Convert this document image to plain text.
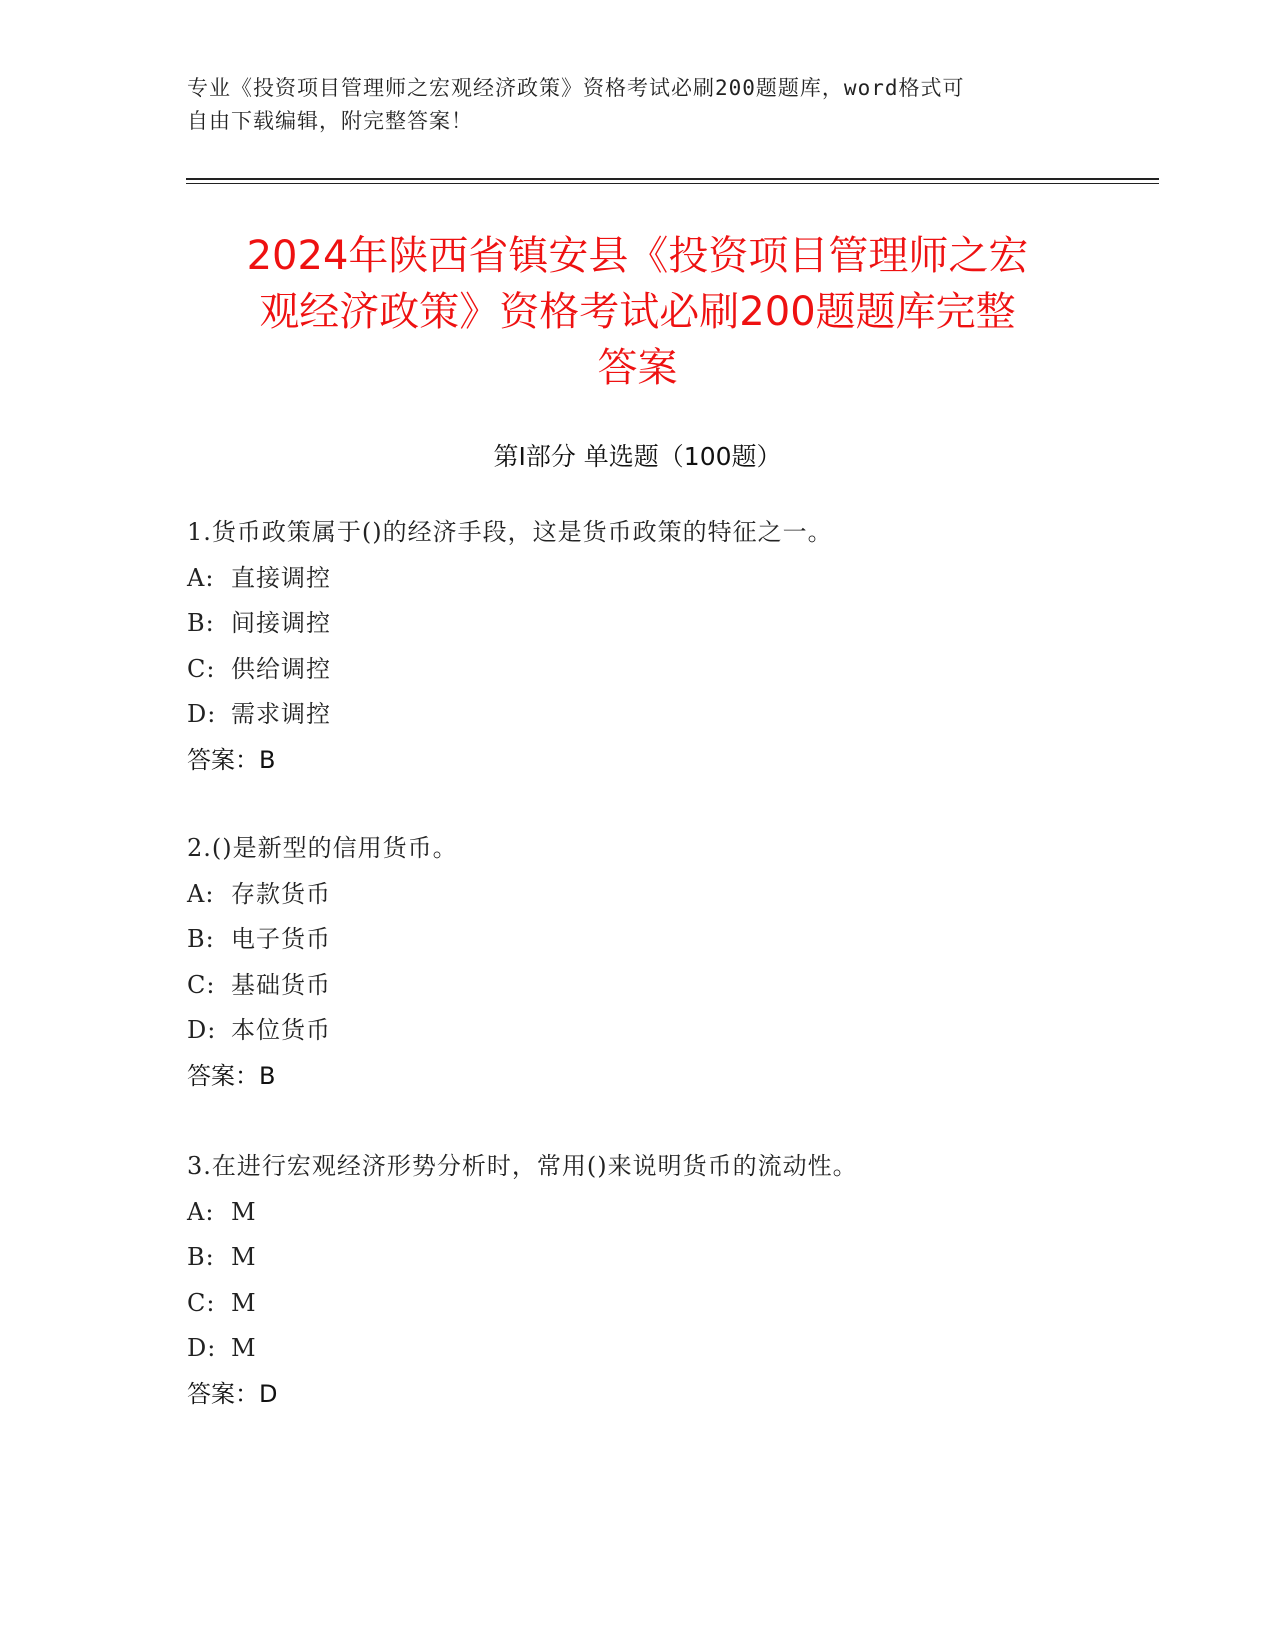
专业《投资项目管理师之宏观经济政策》资格考试必刷200题题库，word格式可
自由下载编辑，附完整答案！
2024年陕西省镇安县《投资项目管理师之宏
观经济政策》资格考试必刷200题题库完整
答案
第Ⅰ部分 单选题（100题）
1.货币政策属于()的经济手段，这是货币政策的特征之一。
A: 直接调控
B: 间接调控
C: 供给调控
D: 需求调控
答案：B
2.()是新型的信用货币。
A: 存款货币
B: 电子货币
C: 基础货币
D: 本位货币
答案：B
3.在进行宏观经济形势分析时，常用()来说明货币的流动性。
A: M
B: M
C: M
D: M
答案：D
